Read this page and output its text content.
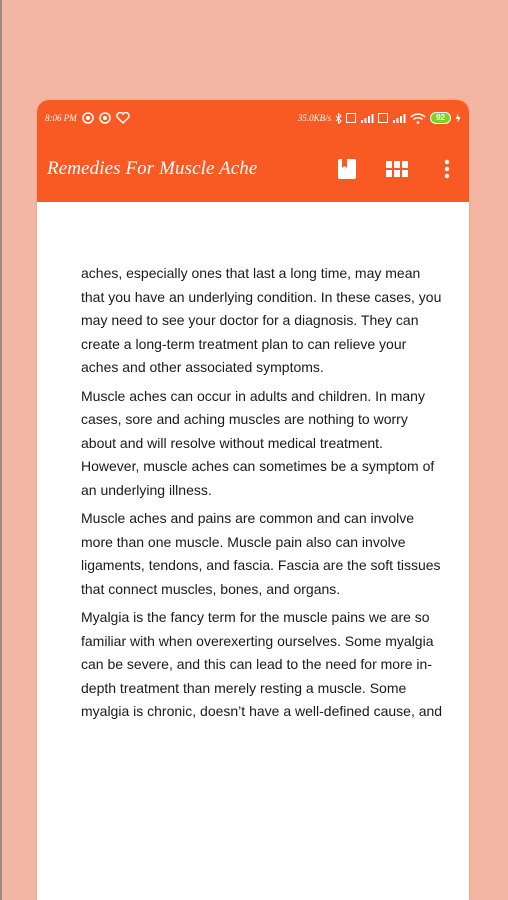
8:06 PM	35.0KB/s	92
Remedies For Muscle Ache

aches, especially ones that last a long time, may mean that you have an underlying condition. In these cases, you may need to see your doctor for a diagnosis. They can create a long-term treatment plan to can relieve your aches and other associated symptoms.

Muscle aches can occur in adults and children. In many cases, sore and aching muscles are nothing to worry about and will resolve without medical treatment. However, muscle aches can sometimes be a symptom of an underlying illness.

Muscle aches and pains are common and can involve more than one muscle. Muscle pain also can involve ligaments, tendons, and fascia. Fascia are the soft tissues that connect muscles, bones, and organs.

Myalgia is the fancy term for the muscle pains we are so familiar with when overexerting ourselves. Some myalgia can be severe, and this can lead to the need for more in-depth treatment than merely resting a muscle. Some myalgia is chronic, doesn’t have a well-defined cause, and
